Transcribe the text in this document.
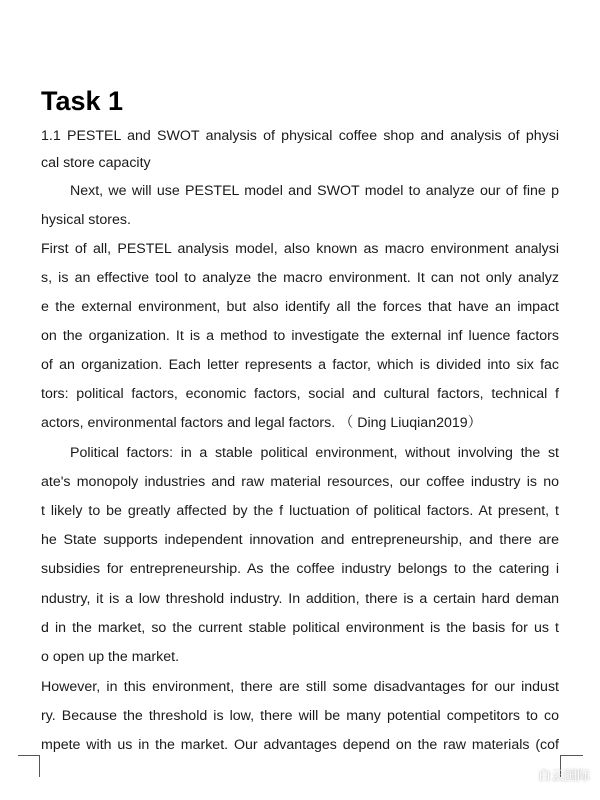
Task 1

1.1 PESTEL and SWOT analysis of physical coffee shop and analysis of physi

cal store capacity

Next, we will use PESTEL model and SWOT model to analyze our of fine p

hysical stores.

First of all, PESTEL analysis model, also known as macro environment analysi

s, is an effective tool to analyze the macro environment. It can not only analyz

e the external environment, but also identify all the forces that have an impact

on the organization. It is a method to investigate the external inf luence factors

of an organization. Each letter represents a factor, which is divided into six fac

tors: political factors, economic factors, social and cultural factors, technical f

actors, environmental factors and legal factors. （ Ding Liuqian2019）

Political factors: in a stable political environment, without involving the st

ate's monopoly industries and raw material resources, our coffee industry is no

t likely to be greatly affected by the f luctuation of political factors. At present, t

he State supports independent innovation and entrepreneurship, and there are

subsidies for entrepreneurship. As the coffee industry belongs to the catering i

ndustry, it is a low threshold industry. In addition, there is a certain hard deman

d in the market, so the current stable political environment is the basis for us t

o open up the market.

However, in this environment, there are still some disadvantages for our indust

ry. Because the threshold is low, there will be many potential competitors to co

mpete with us in the market. Our advantages depend on the raw materials (cof

白云国际
